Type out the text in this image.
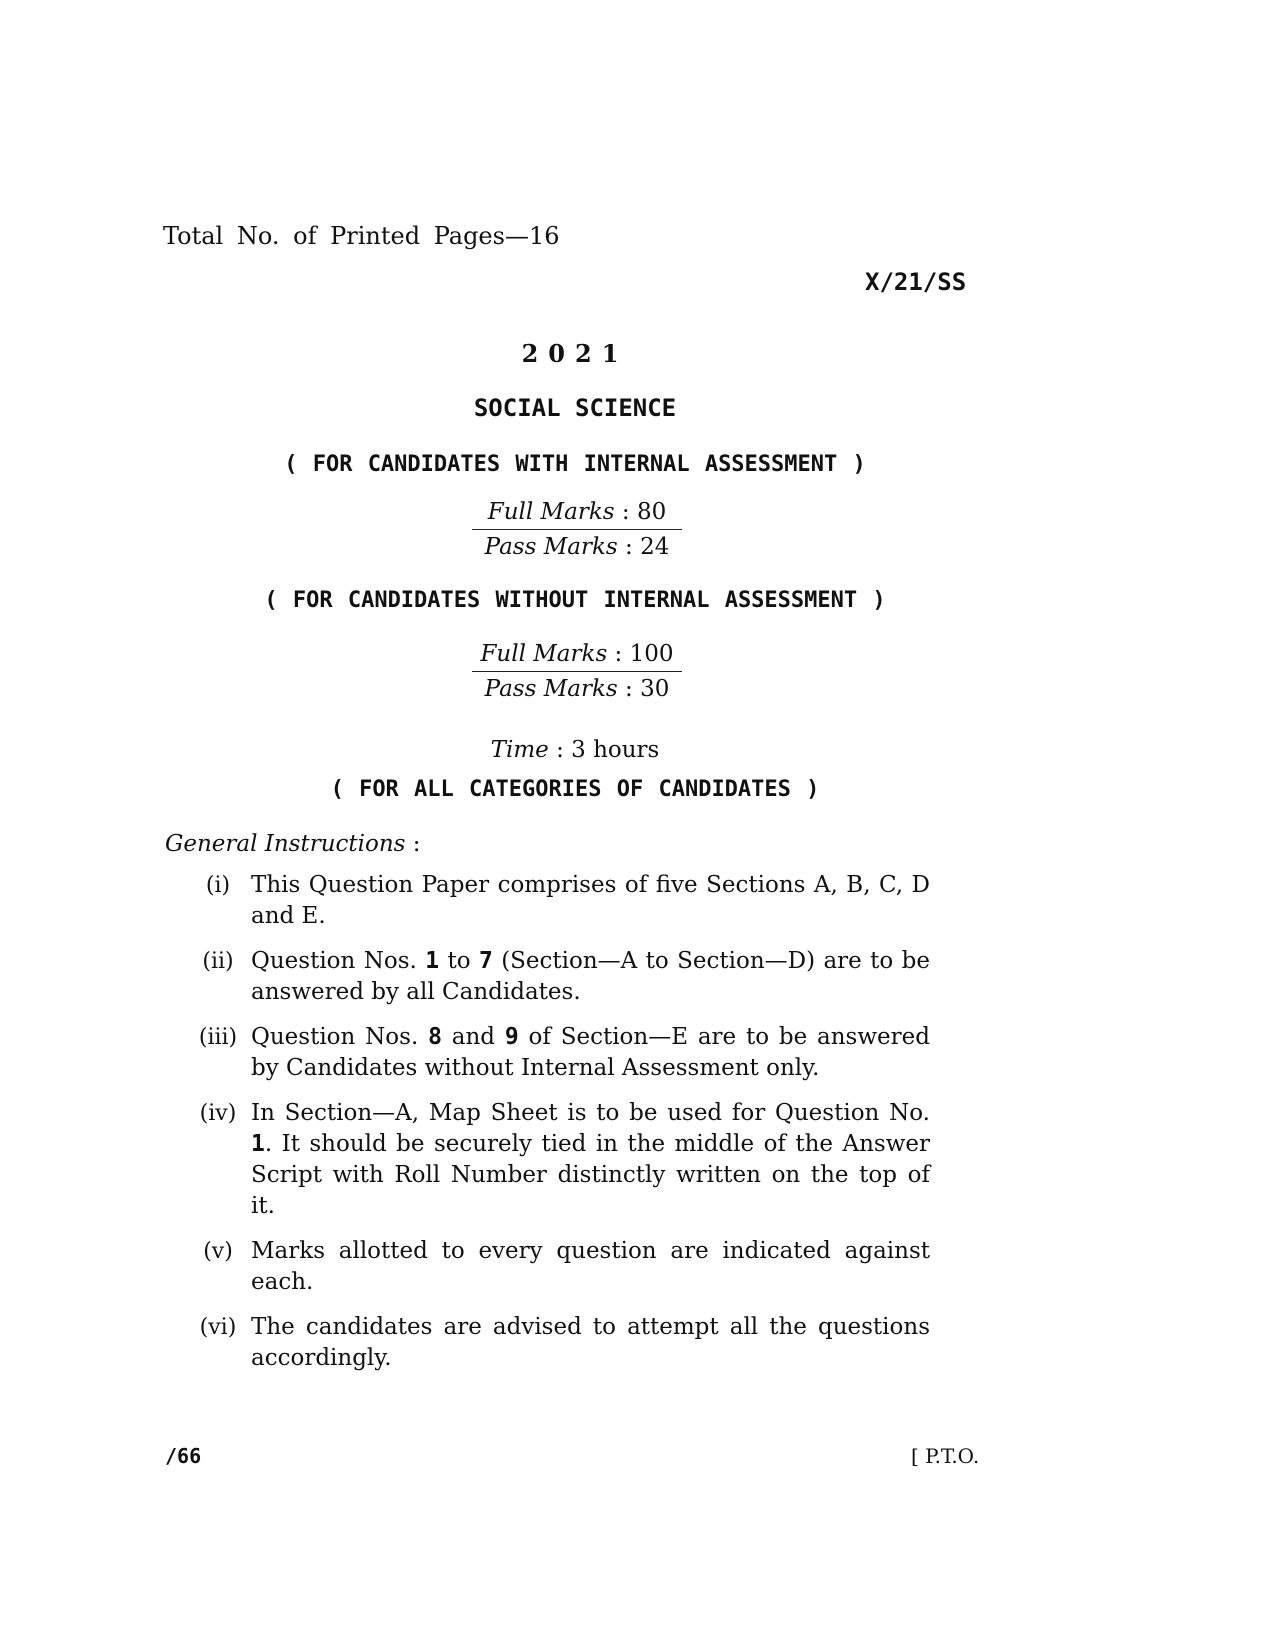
Total No. of Printed Pages—16
X/21/SS
2021
SOCIAL SCIENCE
( FOR CANDIDATES WITH INTERNAL ASSESSMENT )
Full Marks : 80
Pass Marks : 24
( FOR CANDIDATES WITHOUT INTERNAL ASSESSMENT )
Full Marks : 100
Pass Marks : 30
Time : 3 hours
( FOR ALL CATEGORIES OF CANDIDATES )
General Instructions :
(i) This Question Paper comprises of five Sections A, B, C, D and E.
(ii) Question Nos. 1 to 7 (Section—A to Section—D) are to be answered by all Candidates.
(iii) Question Nos. 8 and 9 of Section—E are to be answered by Candidates without Internal Assessment only.
(iv) In Section—A, Map Sheet is to be used for Question No. 1. It should be securely tied in the middle of the Answer Script with Roll Number distinctly written on the top of it.
(v) Marks allotted to every question are indicated against each.
(vi) The candidates are advised to attempt all the questions accordingly.
/66	[ P.T.O.
